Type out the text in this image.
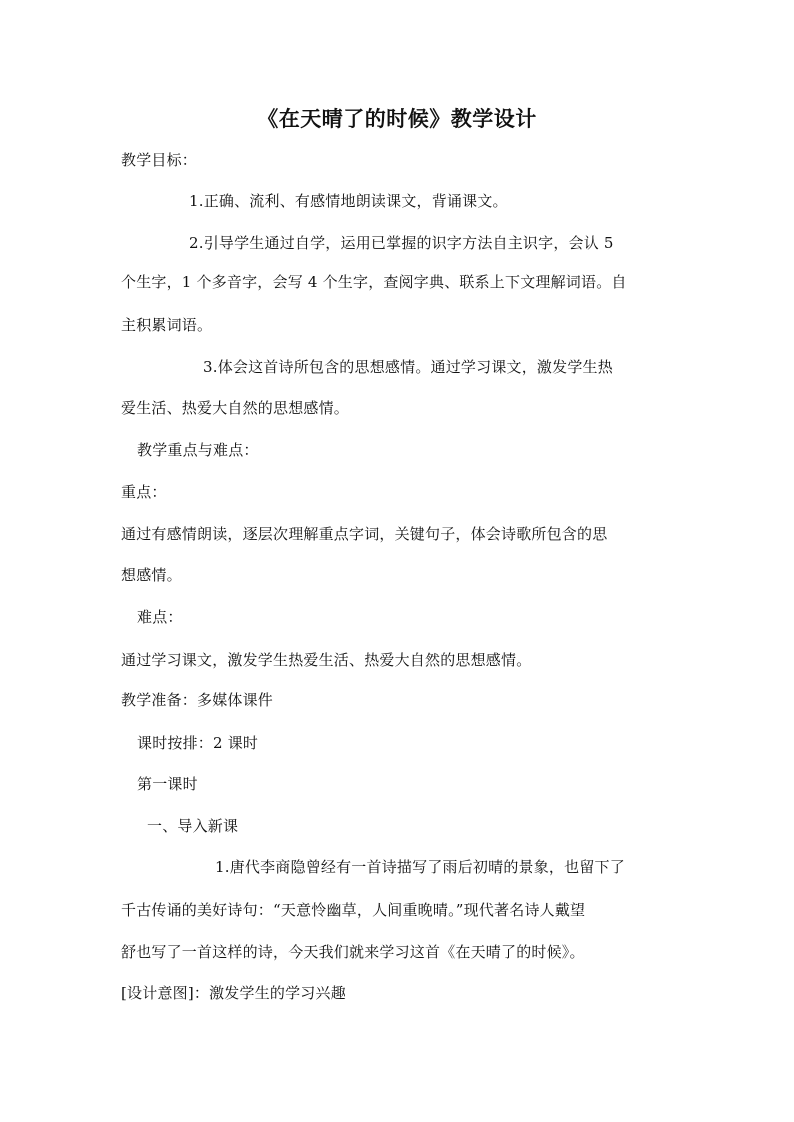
《在天晴了的时候》教学设计
教学目标：
1.正确、流利、有感情地朗读课文，背诵课文。
2.引导学生通过自学，运用已掌握的识字方法自主识字，会认 5
个生字，1 个多音字，会写 4 个生字，查阅字典、联系上下文理解词语。自
主积累词语。
3.体会这首诗所包含的思想感情。通过学习课文，激发学生热
爱生活、热爱大自然的思想感情。
教学重点与难点：
重点：
通过有感情朗读，逐层次理解重点字词，关键句子，体会诗歌所包含的思
想感情。
难点：
通过学习课文，激发学生热爱生活、热爱大自然的思想感情。
教学准备：多媒体课件
课时按排：2 课时
第一课时
一、导入新课
1.唐代李商隐曾经有一首诗描写了雨后初晴的景象，也留下了
千古传诵的美好诗句：“天意怜幽草，人间重晚晴。”现代著名诗人戴望
舒也写了一首这样的诗，今天我们就来学习这首《在天晴了的时候》。
[设计意图]：激发学生的学习兴趣
